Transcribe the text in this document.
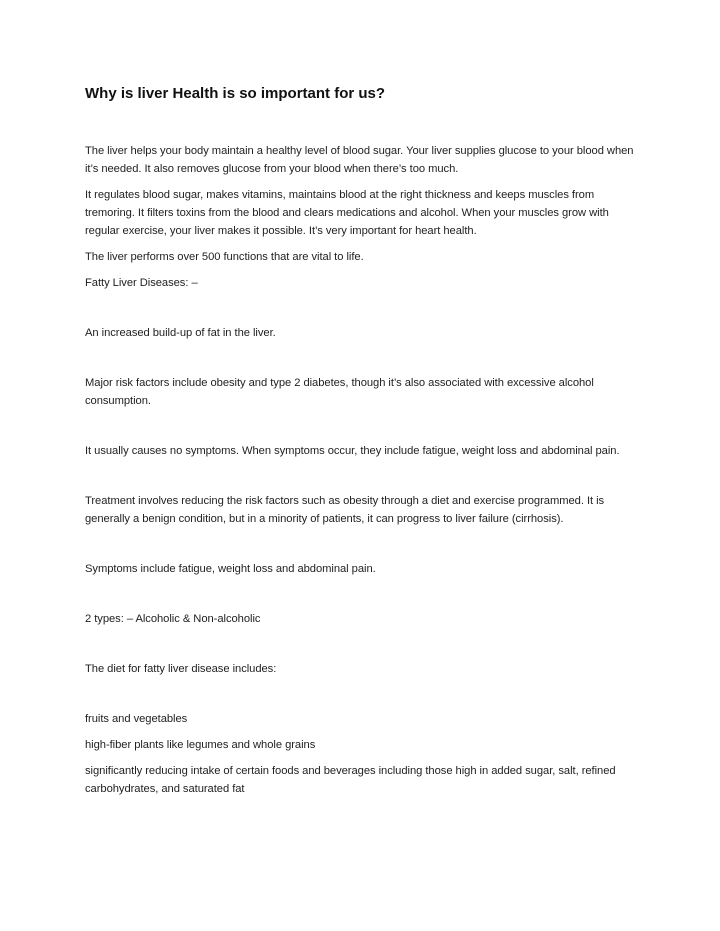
Why is liver Health is so important for us?

The liver helps your body maintain a healthy level of blood sugar. Your liver supplies glucose to your blood when it’s needed. It also removes glucose from your blood when there’s too much.

It regulates blood sugar, makes vitamins, maintains blood at the right thickness and keeps muscles from tremoring. It filters toxins from the blood and clears medications and alcohol. When your muscles grow with regular exercise, your liver makes it possible. It’s very important for heart health.

The liver performs over 500 functions that are vital to life.

Fatty Liver Diseases: –

An increased build-up of fat in the liver.

Major risk factors include obesity and type 2 diabetes, though it’s also associated with excessive alcohol consumption.

It usually causes no symptoms. When symptoms occur, they include fatigue, weight loss and abdominal pain.

Treatment involves reducing the risk factors such as obesity through a diet and exercise programmed. It is generally a benign condition, but in a minority of patients, it can progress to liver failure (cirrhosis).

Symptoms include fatigue, weight loss and abdominal pain.

2 types: – Alcoholic & Non-alcoholic

The diet for fatty liver disease includes:

fruits and vegetables

high-fiber plants like legumes and whole grains

significantly reducing intake of certain foods and beverages including those high in added sugar, salt, refined carbohydrates, and saturated fat
